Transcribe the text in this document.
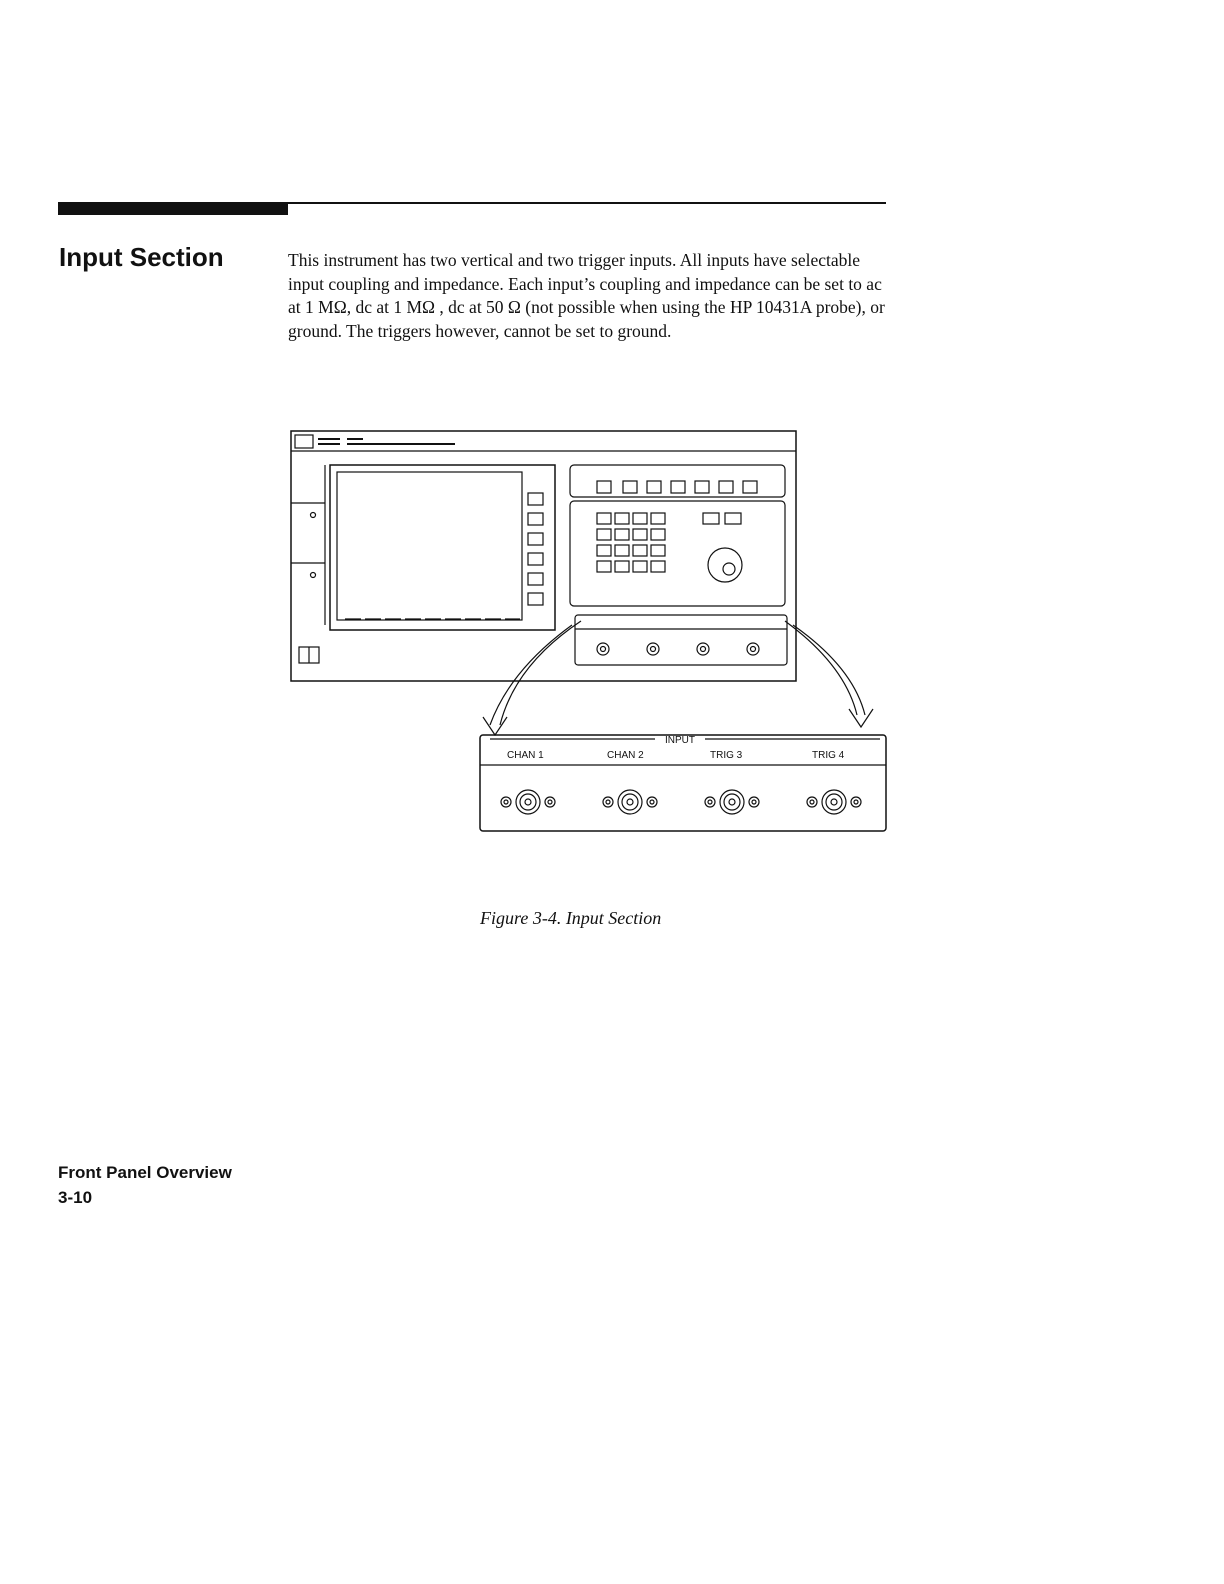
Input Section	This instrument has two vertical and two trigger inputs. All inputs have selectable input coupling and impedance. Each input’s coupling and impedance can be set to ac at 1 MΩ, dc at 1 MΩ , dc at 50 Ω (not possible when using the HP 10431A probe), or ground. The triggers however, cannot be set to ground.

INPUT
CHAN 1	CHAN 2	TRIG 3	TRIG 4

Figure 3-4. Input Section

Front Panel Overview

3-10
